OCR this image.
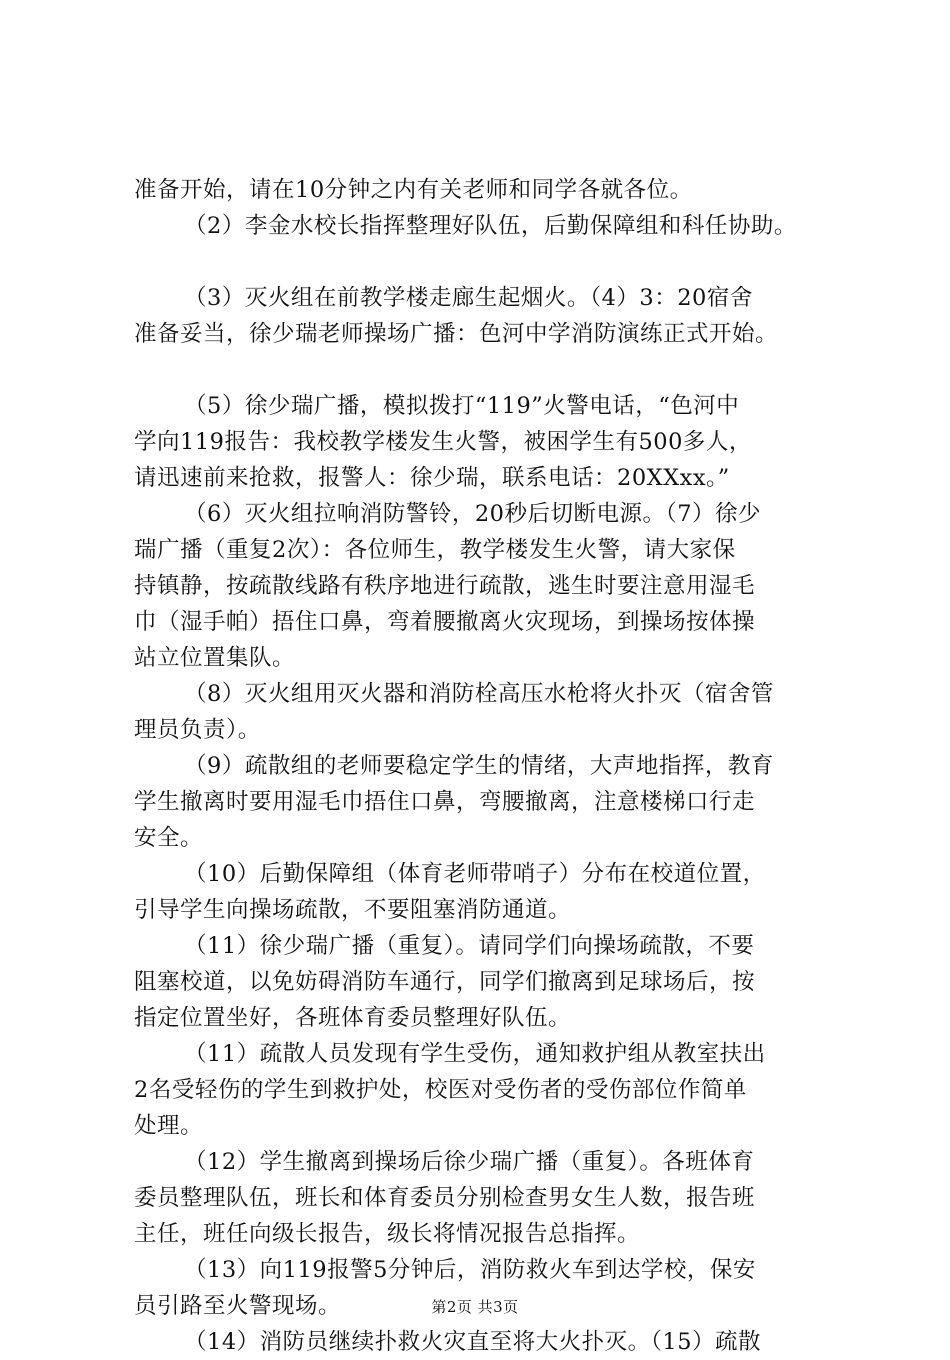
准备开始，请在10分钟之内有关老师和同学各就各位。
（2）李金水校长指挥整理好队伍，后勤保障组和科任协助。
（3）灭火组在前教学楼走廊生起烟火。（4）3：20宿舍
准备妥当，徐少瑞老师操场广播：色河中学消防演练正式开始。
（5）徐少瑞广播，模拟拨打“119”火警电话，“色河中
学向119报告：我校教学楼发生火警，被困学生有500多人，
请迅速前来抢救，报警人：徐少瑞，联系电话：20XXxx。”
（6）灭火组拉响消防警铃，20秒后切断电源。（7）徐少
瑞广播（重复2次）：各位师生，教学楼发生火警，请大家保
持镇静，按疏散线路有秩序地进行疏散，逃生时要注意用湿毛
巾（湿手帕）捂住口鼻，弯着腰撤离火灾现场，到操场按体操
站立位置集队。
（8）灭火组用灭火器和消防栓高压水枪将火扑灭（宿舍管
理员负责）。
（9）疏散组的老师要稳定学生的情绪，大声地指挥，教育
学生撤离时要用湿毛巾捂住口鼻，弯腰撤离，注意楼梯口行走
安全。
（10）后勤保障组（体育老师带哨子）分布在校道位置，
引导学生向操场疏散，不要阻塞消防通道。
（11）徐少瑞广播（重复）。请同学们向操场疏散，不要
阻塞校道，以免妨碍消防车通行，同学们撤离到足球场后，按
指定位置坐好，各班体育委员整理好队伍。
（11）疏散人员发现有学生受伤，通知救护组从教室扶出
2名受轻伤的学生到救护处，校医对受伤者的受伤部位作简单
处理。
（12）学生撤离到操场后徐少瑞广播（重复）。各班体育
委员整理队伍，班长和体育委员分别检查男女生人数，报告班
主任，班任向级长报告，级长将情况报告总指挥。
（13）向119报警5分钟后，消防救火车到达学校，保安
员引路至火警现场。
（14）消防员继续扑救火灾直至将大火扑灭。（15）疏散
第2页 共3页
